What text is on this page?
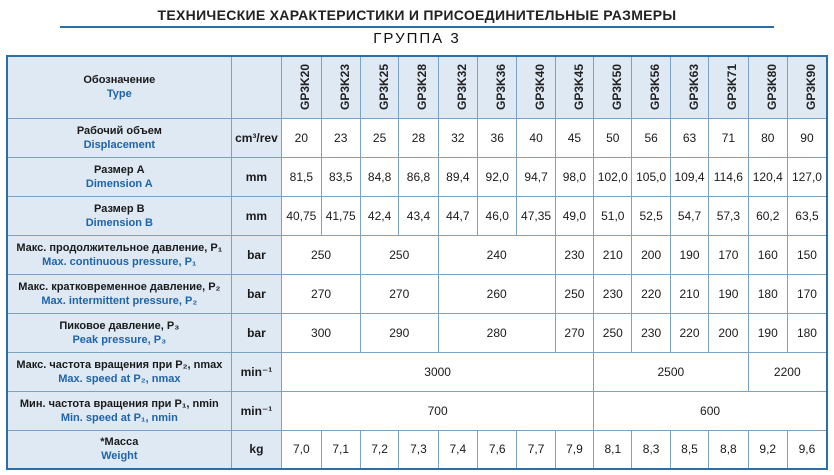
ТЕХНИЧЕСКИЕ ХАРАКТЕРИСТИКИ И ПРИСОЕДИНИТЕЛЬНЫЕ РАЗМЕРЫ
ГРУППА 3
Обозначение
Type		GP3K20	GP3K23	GP3K25	GP3K28	GP3K32	GP3K36	GP3K40	GP3K45	GP3K50	GP3K56	GP3K63	GP3K71	GP3K80	GP3K90

Рабочий объем
Displacement	cm³/rev	20	23	25	28	32	36	40	45	50	56	63	71	80	90

Размер А
Dimension A	mm	81,5	83,5	84,8	86,8	89,4	92,0	94,7	98,0	102,0	105,0	109,4	114,6	120,4	127,0

Размер В
Dimension B	mm	40,75	41,75	42,4	43,4	44,7	46,0	47,35	49,0	51,0	52,5	54,7	57,3	60,2	63,5

Макс. продолжительное давление, P₁
Max. continuous pressure, P₁	bar	250		250		240			230	210	200	190	170	160	150

Макс. кратковременное давление, P₂
Max. intermittent pressure, P₂	bar	270		270		260			250	230	220	210	190	180	170

Пиковое давление, P₃
Peak pressure, P₃	bar	300		290		280			270	250	230	220	200	190	180

Макс. частота вращения при P₂, nmax
Max. speed at P₂, nmax	min⁻¹	3000								2500				2200	

Мин. частота вращения при P₁, nmin
Min. speed at P₁, nmin	min⁻¹	700								600					

*Масса
Weight	kg	7,0	7,1	7,2	7,3	7,4	7,6	7,7	7,9	8,1	8,3	8,5	8,8	9,2	9,6
